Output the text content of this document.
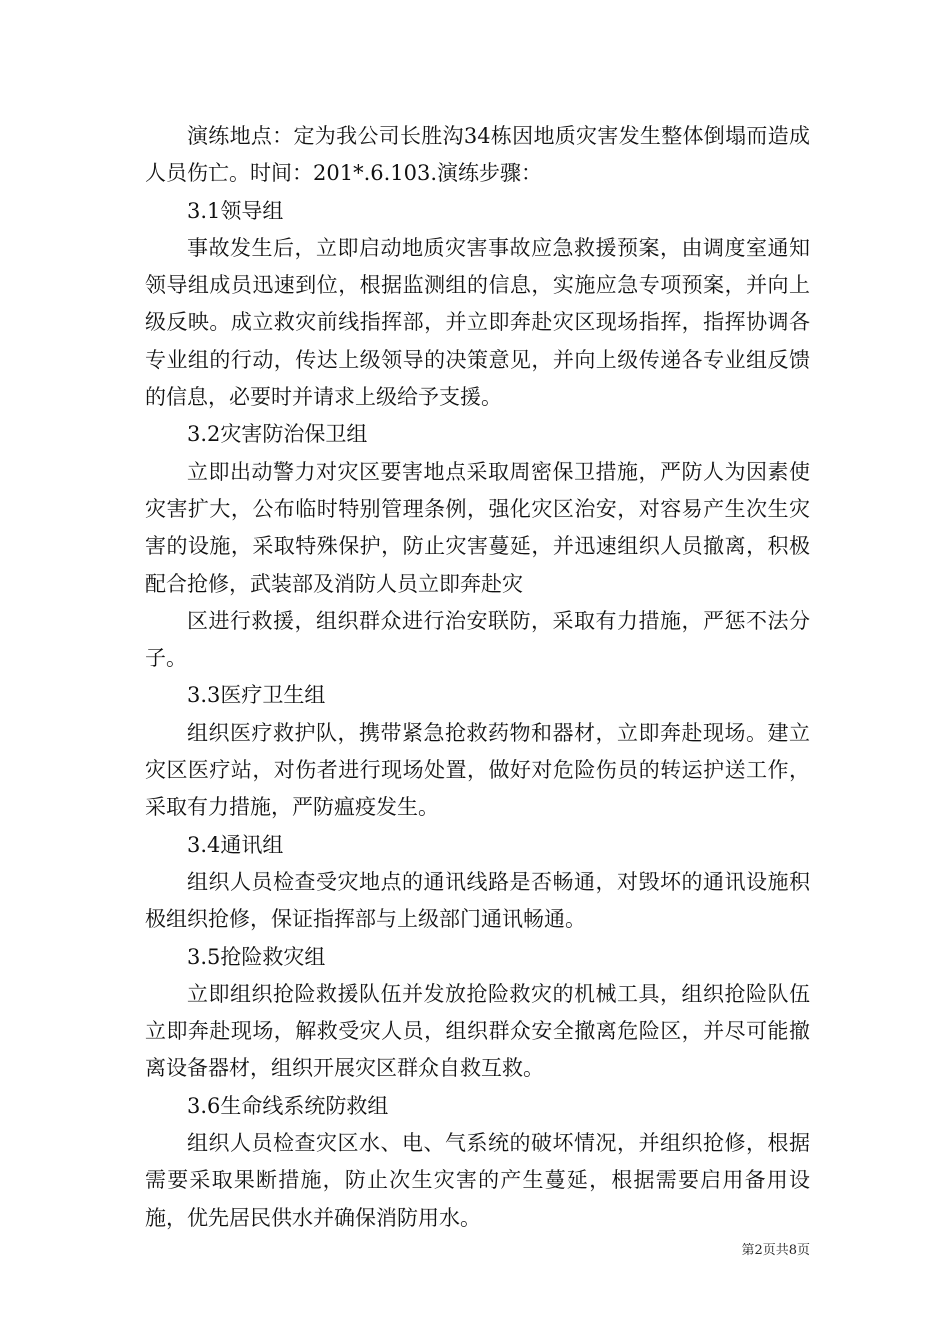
演练地点：定为我公司长胜沟34栋因地质灾害发生整体倒塌而造成人员伤亡。时间：201*.6.103.演练步骤：

3.1领导组

事故发生后，立即启动地质灾害事故应急救援预案，由调度室通知领导组成员迅速到位，根据监测组的信息，实施应急专项预案，并向上级反映。成立救灾前线指挥部，并立即奔赴灾区现场指挥，指挥协调各专业组的行动，传达上级领导的决策意见，并向上级传递各专业组反馈的信息，必要时并请求上级给予支援。

3.2灾害防治保卫组

立即出动警力对灾区要害地点采取周密保卫措施，严防人为因素使灾害扩大，公布临时特别管理条例，强化灾区治安，对容易产生次生灾害的设施，采取特殊保护，防止灾害蔓延，并迅速组织人员撤离，积极配合抢修，武装部及消防人员立即奔赴灾

区进行救援，组织群众进行治安联防，采取有力措施，严惩不法分子。

3.3医疗卫生组

组织医疗救护队，携带紧急抢救药物和器材，立即奔赴现场。建立灾区医疗站，对伤者进行现场处置，做好对危险伤员的转运护送工作，采取有力措施，严防瘟疫发生。

3.4通讯组

组织人员检查受灾地点的通讯线路是否畅通，对毁坏的通讯设施积极组织抢修，保证指挥部与上级部门通讯畅通。

3.5抢险救灾组

立即组织抢险救援队伍并发放抢险救灾的机械工具，组织抢险队伍立即奔赴现场，解救受灾人员，组织群众安全撤离危险区，并尽可能撤离设备器材，组织开展灾区群众自救互救。

3.6生命线系统防救组

组织人员检查灾区水、电、气系统的破坏情况，并组织抢修，根据需要采取果断措施，防止次生灾害的产生蔓延，根据需要启用备用设施，优先居民供水并确保消防用水。

第2页共8页
